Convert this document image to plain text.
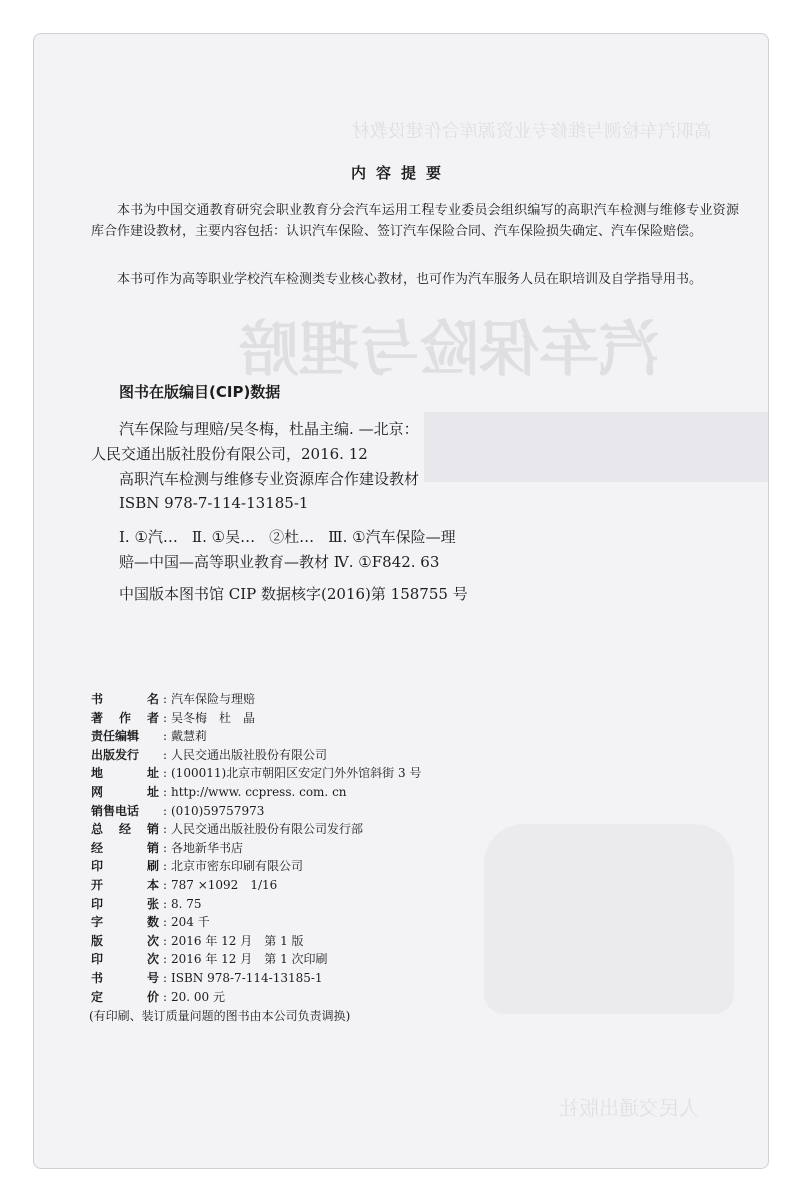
高职汽车检测与维修专业资源库合作建设教材
汽车保险与理赔
人民交通出版社
内容提要
本书为中国交通教育研究会职业教育分会汽车运用工程专业委员会组织编写的高职汽车检测与维修专业资源库合作建设教材，主要内容包括：认识汽车保险、签订汽车保险合同、汽车保险损失确定、汽车保险赔偿。
本书可作为高等职业学校汽车检测类专业核心教材，也可作为汽车服务人员在职培训及自学指导用书。
图书在版编目(CIP)数据
汽车保险与理赔/吴冬梅，杜晶主编. —北京：
人民交通出版社股份有限公司，2016. 12
高职汽车检测与维修专业资源库合作建设教材
ISBN 978-7-114-13185-1
Ⅰ. ①汽… Ⅱ. ①吴… ②杜… Ⅲ. ①汽车保险—理
赔—中国—高等职业教育—教材 Ⅳ. ①F842. 63
中国版本图书馆 CIP 数据核字(2016)第 158755 号
书	名 : 汽车保险与理赔
著 作 者 : 吴冬梅　杜　晶
责任编辑	: 戴慧莉
出版发行	: 人民交通出版社股份有限公司
地	址 : (100011)北京市朝阳区安定门外外馆斜街 3 号
网	址 : http://www. ccpress. com. cn
销售电话	: (010)59757973
总 经 销 : 人民交通出版社股份有限公司发行部
经	销 : 各地新华书店
印	刷 : 北京市密东印刷有限公司
开	本 : 787 ×1092　1/16
印	张 : 8. 75
字	数 : 204 千
版	次 : 2016 年 12 月　第 1 版
印	次 : 2016 年 12 月　第 1 次印刷
书	号 : ISBN 978-7-114-13185-1
定	价 : 20. 00 元
(有印刷、装订质量问题的图书由本公司负责调换)
